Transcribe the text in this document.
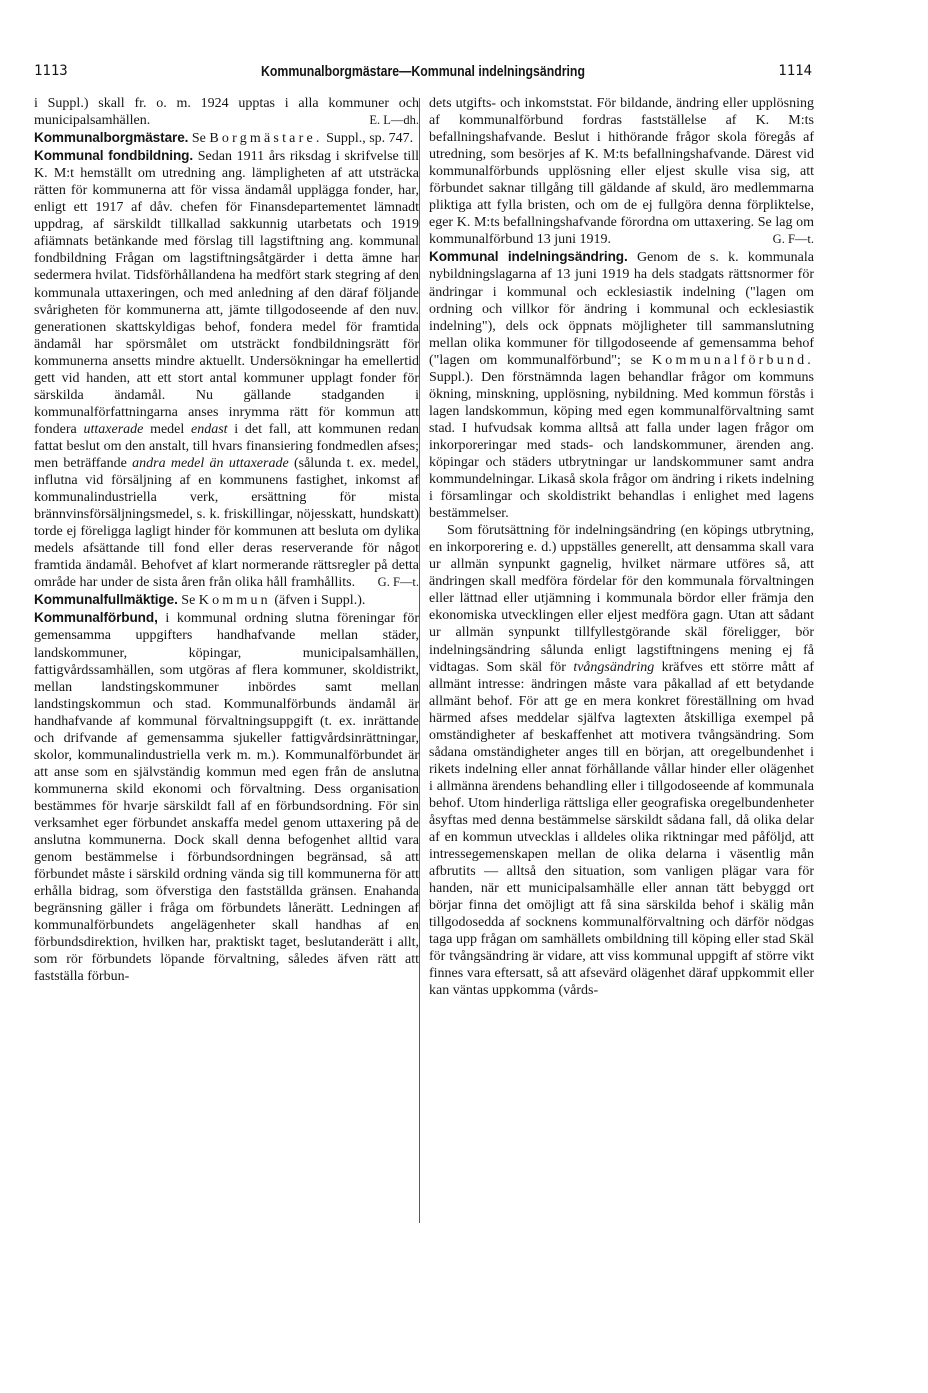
1113	Kommunalborgmästare—Kommunal indelningsändring	1114

i Suppl.) skall fr. o. m. 1924 upptas i alla kommuner och municipalsamhällen.	E. L—dh.

Kommunalborgmästare. Se Borgmästare. Suppl., sp. 747.

Kommunal fondbildning. Sedan 1911 års riksdag i skrifvelse till K. M:t hemställt om utredning ang. lämpligheten af att utsträcka rätten för kommunerna att för vissa ändamål upplägga fonder, har, enligt ett 1917 af dåv. chefen för Finansdepartementet lämnadt uppdrag, af särskildt tillkallad sakkunnig utarbetats och 1919 afiämnats betänkande med förslag till lagstiftning ang. kommunal fondbildning Frågan om lagstiftningsåtgärder i detta ämne har sedermera hvilat. Tidsförhållandena ha medfört stark stegring af den kommunala uttaxeringen, och med anledning af den däraf följande svårigheten för kommunerna att, jämte tillgodoseende af den nuv. generationen skattskyldigas behof, fondera medel för framtida ändamål har spörsmålet om utsträckt fondbildningsrätt för kommunerna ansetts mindre aktuellt. Undersökningar ha emellertid gett vid handen, att ett stort antal kommuner upplagt fonder för särskilda ändamål. Nu gällande stadganden i kommunalförfattningarna anses inrymma rätt för kommun att fondera uttaxerade medel endast i det fall, att kommunen redan fattat beslut om den anstalt, till hvars finansiering fondmedlen afses; men beträffande andra medel än uttaxerade (sålunda t. ex. medel, influtna vid försäljning af en kommunens fastighet, inkomst af kommunalindustriella verk, ersättning för mista brännvinsförsäljningsmedel, s. k. friskillingar, nöjesskatt, hundskatt) torde ej föreligga lagligt hinder för kommunen att besluta om dylika medels afsättande till fond eller deras reserverande för något framtida ändamål. Behofvet af klart normerande rättsregler på detta område har under de sista åren från olika håll framhållits. G. F—t.

Kommunalfullmäktige. Se Kommun (äfven i Suppl.).

Kommunalförbund, i kommunal ordning slutna föreningar för gemensamma uppgifters handhafvande mellan städer, landskommuner, köpingar, municipalsamhällen, fattigvårdssamhällen, som utgöras af flera kommuner, skoldistrikt, mellan landstingskommuner inbördes samt mellan landstingskommun och stad. Kommunalförbunds ändamål är handhafvande af kommunal förvaltningsuppgift (t. ex. inrättande och drifvande af gemensamma sjukeller fattigvårdsinrättningar, skolor, kommunalindustriella verk m. m.). Kommunalförbundet är att anse som en självständig kommun med egen från de anslutna kommunerna skild ekonomi och förvaltning. Dess organisation bestämmes för hvarje särskildt fall af en förbundsordning. För sin verksamhet eger förbundet anskaffa medel genom uttaxering på de anslutna kommunerna. Dock skall denna befogenhet alltid vara genom bestämmelse i förbundsordningen begränsad, så att förbundet måste i särskild ordning vända sig till kommunerna för att erhålla bidrag, som öfverstiga den fastställda gränsen. Enahanda begränsning gäller i fråga om förbundets lånerätt. Ledningen af kommunalförbundets angelägenheter skall handhas af en förbundsdirektion, hvilken har, praktiskt taget, beslutanderätt i allt, som rör förbundets löpande förvaltning, således äfven rätt att fastställa förbun-

dets utgifts- och inkomststat. För bildande, ändring eller upplösning af kommunalförbund fordras fastställelse af K. M:ts befallningshafvande. Beslut i hithörande frågor skola föregås af utredning, som besörjes af K. M:ts befallningshafvande. Därest vid kommunalförbunds upplösning eller eljest skulle visa sig, att förbundet saknar tillgång till gäldande af skuld, äro medlemmarna pliktiga att fylla bristen, och om de ej fullgöra denna förpliktelse, eger K. M:ts befallningshafvande förordna om uttaxering. Se lag om kommunalförbund 13 juni 1919.	G. F—t.

Kommunal indelningsändring. Genom de s. k. kommunala nybildningslagarna af 13 juni 1919 ha dels stadgats rättsnormer för ändringar i kommunal och ecklesiastik indelning ("lagen om ordning och villkor för ändring i kommunal och ecklesiastik indelning"), dels ock öppnats möjligheter till sammanslutning mellan olika kommuner för tillgodoseende af gemensamma behof ("lagen om kommunalförbund"; se Kommunalförbund. Suppl.). Den förstnämnda lagen behandlar frågor om kommuns ökning, minskning, upplösning, nybildning. Med kommun förstås i lagen landskommun, köping med egen kommunalförvaltning samt stad. I hufvudsak komma alltså att falla under lagen frågor om inkorporeringar med stads- och landskommuner, ärenden ang. köpingar och städers utbrytningar ur landskommuner samt andra kommundelningar. Likaså skola frågor om ändring i rikets indelning i församlingar och skoldistrikt behandlas i enlighet med lagens bestämmelser.

Som förutsättning för indelningsändring (en köpings utbrytning, en inkorporering e. d.) uppställes generellt, att densamma skall vara ur allmän synpunkt gagnelig, hvilket närmare utföres så, att ändringen skall medföra fördelar för den kommunala förvaltningen eller lättnad eller utjämning i kommunala bördor eller främja den ekonomiska utvecklingen eller eljest medföra gagn. Utan att sådant ur allmän synpunkt tillfyllestgörande skäl föreligger, bör indelningsändring sålunda enligt lagstiftningens mening ej få vidtagas. Som skäl för tvångsändring kräfves ett större mått af allmänt intresse: ändringen måste vara påkallad af ett betydande allmänt behof. För att ge en mera konkret föreställning om hvad härmed afses meddelar själfva lagtexten åtskilliga exempel på omständigheter af beskaffenhet att motivera tvångsändring. Som sådana omständigheter anges till en början, att oregelbundenhet i rikets indelning eller annat förhållande vållar hinder eller olägenhet i allmänna ärendens behandling eller i tillgodoseende af kommunala behof. Utom hinderliga rättsliga eller geografiska oregelbundenheter åsyftas med denna bestämmelse särskildt sådana fall, då olika delar af en kommun utvecklas i alldeles olika riktningar med påföljd, att intressegemenskapen mellan de olika delarna i väsentlig mån afbrutits — alltså den situation, som vanligen plägar vara för handen, när ett municipalsamhälle eller annan tätt bebyggd ort börjar finna det omöjligt att få sina särskilda behof i skälig mån tillgodosedda af socknens kommunalförvaltning och därför nödgas taga upp frågan om samhällets ombildning till köping eller stad Skäl för tvångsändring är vidare, att viss kommunal uppgift af större vikt finnes vara eftersatt, så att afsevärd olägenhet däraf uppkommit eller kan väntas uppkomma (vårds-
